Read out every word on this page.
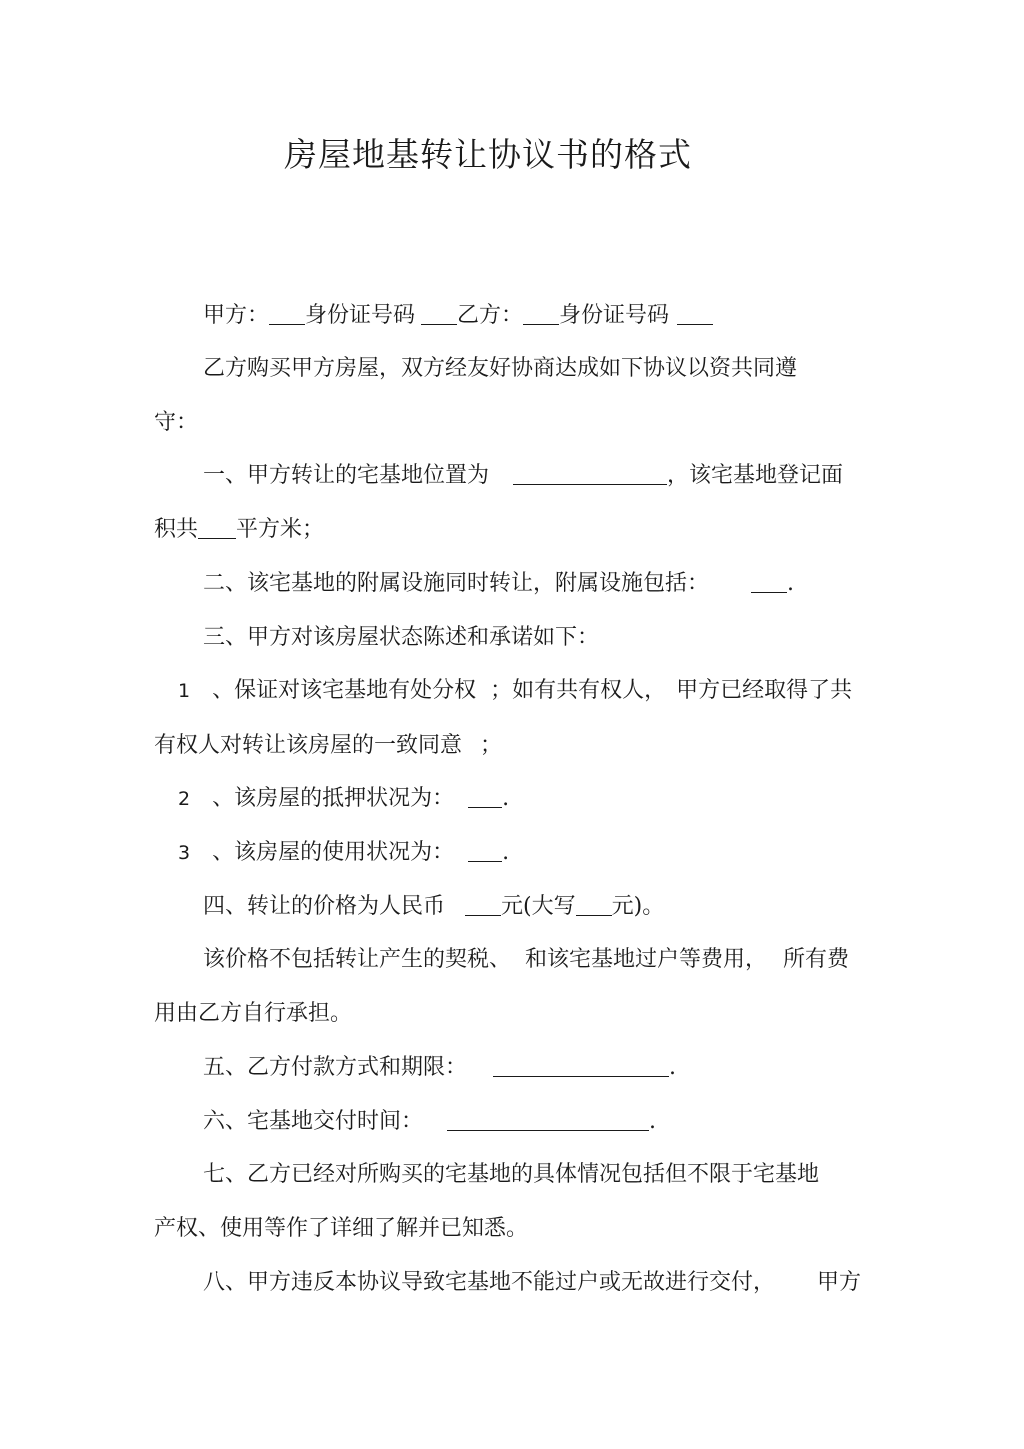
房屋地基转让协议书的格式
甲方： 身份证号码 乙方： 身份证号码
乙方购买甲方房屋，双方经友好协商达成如下协议以资共同遵
守：
一、甲方转让的宅基地位置为	，该宅基地登记面
积共 平方米；
二、该宅基地的附属设施同时转让，附属设施包括：	.
三、甲方对该房屋状态陈述和承诺如下：
1 、保证对该宅基地有处分权 ；如有共有权人， 甲方已经取得了共
有权人对转让该房屋的一致同意 ；
2 、该房屋的抵押状况为： .
3 、该房屋的使用状况为： .
四、转让的价格为人民币	元(大写 元)。
该价格不包括转让产生的契税、 和该宅基地过户等费用， 所有费
用由乙方自行承担。
五、乙方付款方式和期限：	.
六、宅基地交付时间：	.
七、乙方已经对所购买的宅基地的具体情况包括但不限于宅基地
产权、使用等作了详细了解并已知悉。
八、甲方违反本协议导致宅基地不能过户或无故进行交付， 甲方
